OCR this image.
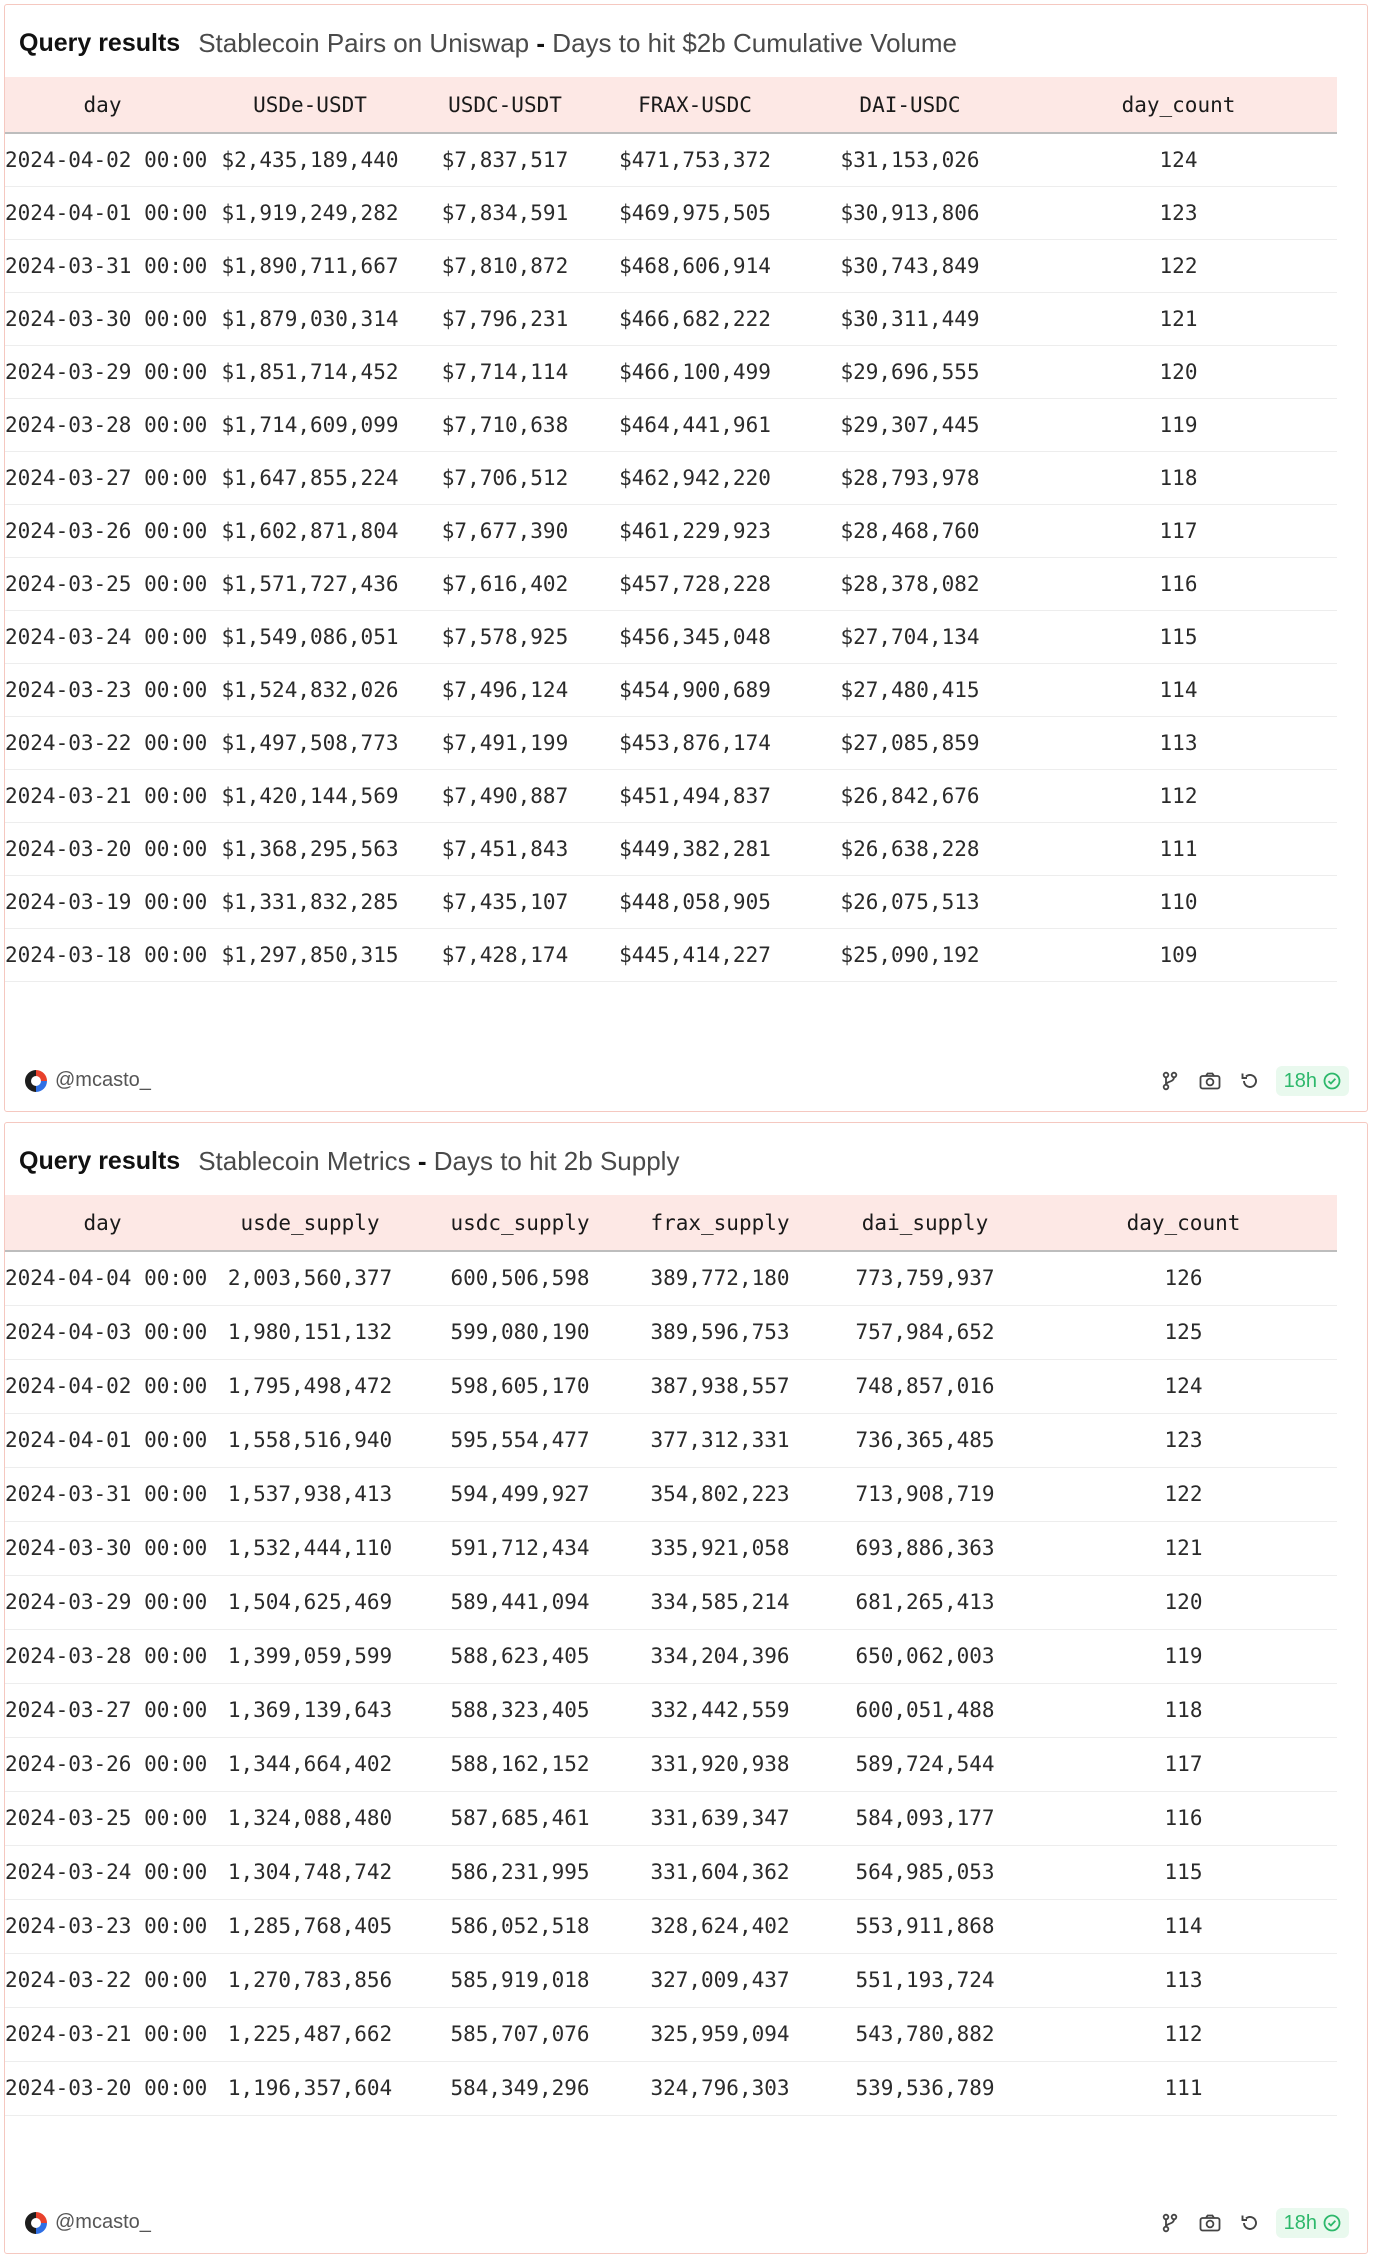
Query results Stablecoin Pairs on Uniswap - Days to hit $2b Cumulative Volume
day	USDe-USDT	USDC-USDT	FRAX-USDC	DAI-USDC	day_count
2024-04-02 00:00	$2,435,189,440	$7,837,517	$471,753,372	$31,153,026	124
2024-04-01 00:00	$1,919,249,282	$7,834,591	$469,975,505	$30,913,806	123
2024-03-31 00:00	$1,890,711,667	$7,810,872	$468,606,914	$30,743,849	122
2024-03-30 00:00	$1,879,030,314	$7,796,231	$466,682,222	$30,311,449	121
2024-03-29 00:00	$1,851,714,452	$7,714,114	$466,100,499	$29,696,555	120
2024-03-28 00:00	$1,714,609,099	$7,710,638	$464,441,961	$29,307,445	119
2024-03-27 00:00	$1,647,855,224	$7,706,512	$462,942,220	$28,793,978	118
2024-03-26 00:00	$1,602,871,804	$7,677,390	$461,229,923	$28,468,760	117
2024-03-25 00:00	$1,571,727,436	$7,616,402	$457,728,228	$28,378,082	116
2024-03-24 00:00	$1,549,086,051	$7,578,925	$456,345,048	$27,704,134	115
2024-03-23 00:00	$1,524,832,026	$7,496,124	$454,900,689	$27,480,415	114
2024-03-22 00:00	$1,497,508,773	$7,491,199	$453,876,174	$27,085,859	113
2024-03-21 00:00	$1,420,144,569	$7,490,887	$451,494,837	$26,842,676	112
2024-03-20 00:00	$1,368,295,563	$7,451,843	$449,382,281	$26,638,228	111
2024-03-19 00:00	$1,331,832,285	$7,435,107	$448,058,905	$26,075,513	110
2024-03-18 00:00	$1,297,850,315	$7,428,174	$445,414,227	$25,090,192	109
@mcasto_	18h
Query results Stablecoin Metrics - Days to hit 2b Supply
day	usde_supply	usdc_supply	frax_supply	dai_supply	day_count
2024-04-04 00:00	2,003,560,377	600,506,598	389,772,180	773,759,937	126
2024-04-03 00:00	1,980,151,132	599,080,190	389,596,753	757,984,652	125
2024-04-02 00:00	1,795,498,472	598,605,170	387,938,557	748,857,016	124
2024-04-01 00:00	1,558,516,940	595,554,477	377,312,331	736,365,485	123
2024-03-31 00:00	1,537,938,413	594,499,927	354,802,223	713,908,719	122
2024-03-30 00:00	1,532,444,110	591,712,434	335,921,058	693,886,363	121
2024-03-29 00:00	1,504,625,469	589,441,094	334,585,214	681,265,413	120
2024-03-28 00:00	1,399,059,599	588,623,405	334,204,396	650,062,003	119
2024-03-27 00:00	1,369,139,643	588,323,405	332,442,559	600,051,488	118
2024-03-26 00:00	1,344,664,402	588,162,152	331,920,938	589,724,544	117
2024-03-25 00:00	1,324,088,480	587,685,461	331,639,347	584,093,177	116
2024-03-24 00:00	1,304,748,742	586,231,995	331,604,362	564,985,053	115
2024-03-23 00:00	1,285,768,405	586,052,518	328,624,402	553,911,868	114
2024-03-22 00:00	1,270,783,856	585,919,018	327,009,437	551,193,724	113
2024-03-21 00:00	1,225,487,662	585,707,076	325,959,094	543,780,882	112
2024-03-20 00:00	1,196,357,604	584,349,296	324,796,303	539,536,789	111
@mcasto_	18h
